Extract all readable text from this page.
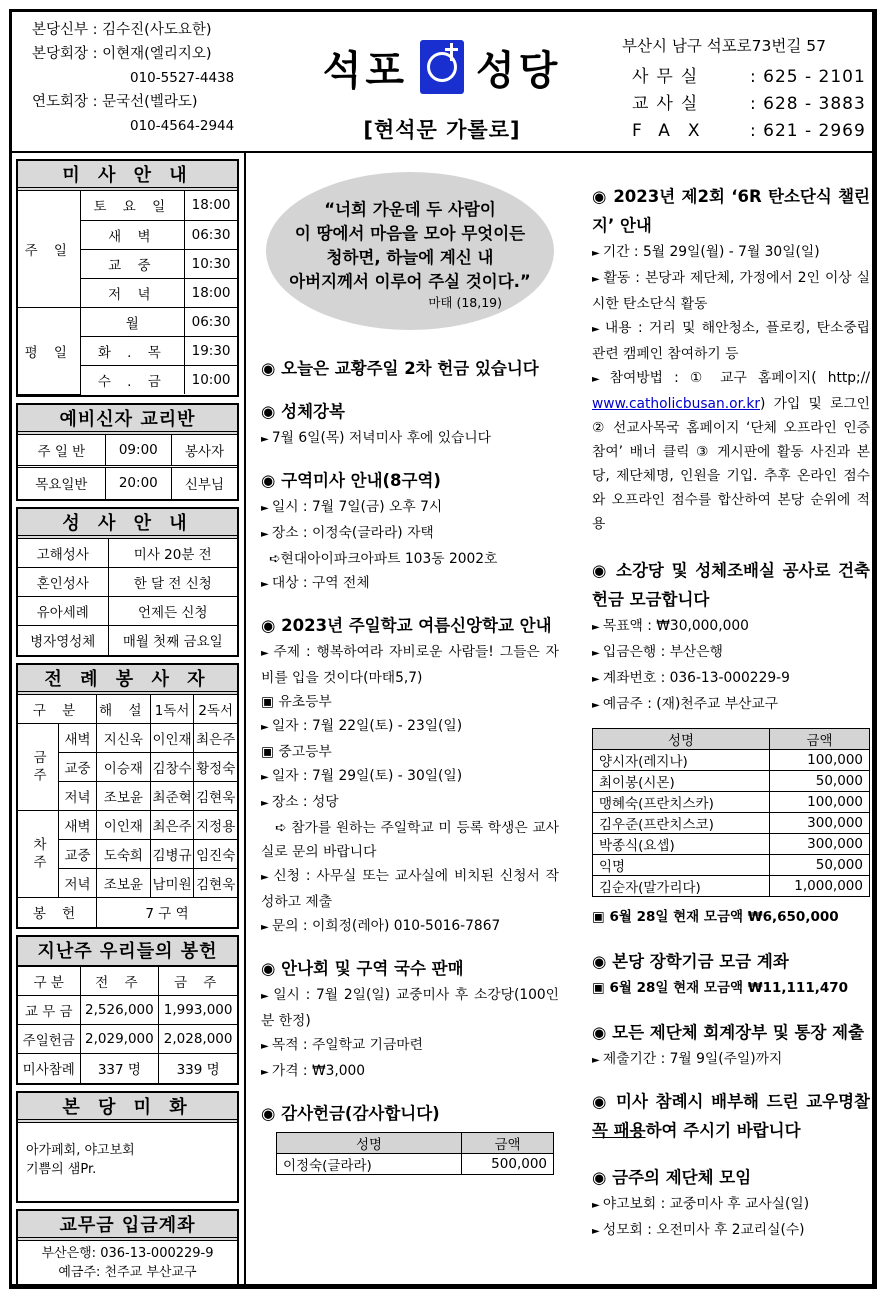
본당신부 : 김수진(사도요한)
본당회장 : 이현재(엘리지오)
010-5527-4438
연도회장 : 문국선(벨라도)
010-4564-2944
석포 성당
[현석문 가롤로]
부산시 남구 석포로73번길 57
사무실	: 625 - 2101
교사실	: 628 - 3883
FAX	: 621 - 2969
미 사 안 내
주 일	토 요 일	18:00
	새 벽	06:30
	교 중	10:30
	저 녁	18:00
평 일	월	06:30
	화 . 목	19:30
	수 . 금	10:00
예비신자 교리반
주 일 반	09:00	봉사자
목요일반	20:00	신부님
성 사 안 내
고해성사	미사 20분 전
혼인성사	한 달 전 신청
유아세례	언제든 신청
병자영성체	매월 첫째 금요일
전 례 봉 사 자
구 분		해 설	1독서	2독서
금주	새벽	지신욱	이인재	최은주
	교중	이승재	김창수	황정숙
	저녁	조보윤	최준혁	김현욱
차주	새벽	이인재	최은주	지정용
	교중	도숙희	김병규	임진숙
	저녁	조보윤	남미원	김현욱
봉 헌		7 구 역		
지난주 우리들의 봉헌
구 분	전 주	금 주
교 무 금	2,526,000	1,993,000
주일헌금	2,029,000	2,028,000
미사참례	337 명	339 명
본 당 미 화
아가페회, 야고보회
기쁨의 샘Pr.
교무금 입금계좌
부산은행: 036-13-000229-9
예금주: 천주교 부산교구
“너희 가운데 두 사람이
이 땅에서 마음을 모아 무엇이든
청하면, 하늘에 계신 내
아버지께서 이루어 주실 것이다.”
마태 (18,19)
◉ 오늘은 교황주일 2차 헌금 있습니다
◉ 성체강복
► 7월 6일(목) 저녁미사 후에 있습니다
◉ 구역미사 안내(8구역)
► 일시 : 7월 7일(금) 오후 7시
► 장소 : 이정숙(글라라) 자택
➪현대아이파크아파트 103동 2002호
► 대상 : 구역 전체
◉ 2023년 주일학교 여름신앙학교 안내
► 주제 : 행복하여라 자비로운 사람들! 그들은 자비를 입을 것이다(마태5,7)
▣ 유초등부
► 일자 : 7월 22일(토) - 23일(일)
▣ 중고등부
► 일자 : 7월 29일(토) - 30일(일)
► 장소 : 성당
➪ 참가를 원하는 주일학교 미 등록 학생은 교사실로 문의 바랍니다
► 신청 : 사무실 또는 교사실에 비치된 신청서 작성하고 제출
► 문의 : 이희정(레아) 010-5016-7867
◉ 안나회 및 구역 국수 판매
► 일시 : 7월 2일(일) 교중미사 후 소강당(100인분 한정)
► 목적 : 주일학교 기금마련
► 가격 : ₩3,000
◉ 감사헌금(감사합니다)
성명	금액
이정숙(글라라)	500,000
◉ 2023년 제2회 ‘6R 탄소단식 챌린지’ 안내
► 기간 : 5월 29일(월) - 7월 30일(일)
► 활동 : 본당과 제단체, 가정에서 2인 이상 실시한 탄소단식 활동
► 내용 : 거리 및 해안청소, 플로킹, 탄소중립 관련 캠페인 참여하기 등
► 참여방법 : ① 교구 홈페이지( http;// www.catholicbusan.or.kr) 가입 및 로그인 ② 선교사목국 홈페이지 ‘단체 오프라인 인증 참여’ 배너 클릭 ③ 게시판에 활동 사진과 본당, 제단체명, 인원을 기입. 추후 온라인 점수와 오프라인 점수를 합산하여 본당 순위에 적용
◉ 소강당 및 성체조배실 공사로 건축헌금 모금합니다
► 목표액 : ₩30,000,000
► 입금은행 : 부산은행
► 계좌번호 : 036-13-000229-9
► 예금주 : (재)천주교 부산교구
성명	금액
양시자(레지나)	100,000
최이봉(시몬)	50,000
맹혜숙(프란치스카)	100,000
김우준(프란치스코)	300,000
박종식(요셉)	300,000
익명	50,000
김순자(말가리다)	1,000,000
▣ 6월 28일 현재 모금액 ₩6,650,000
◉ 본당 장학기금 모금 계좌
▣ 6월 28일 현재 모금액 ₩11,111,470
◉ 모든 제단체 회계장부 및 통장 제출
► 제출기간 : 7월 9일(주일)까지
◉ 미사 참례시 배부해 드린 교우명찰 꼭 패용하여 주시기 바랍니다
◉ 금주의 제단체 모임
► 야고보회 : 교중미사 후 교사실(일)
► 성모회 : 오전미사 후 2교리실(수)
